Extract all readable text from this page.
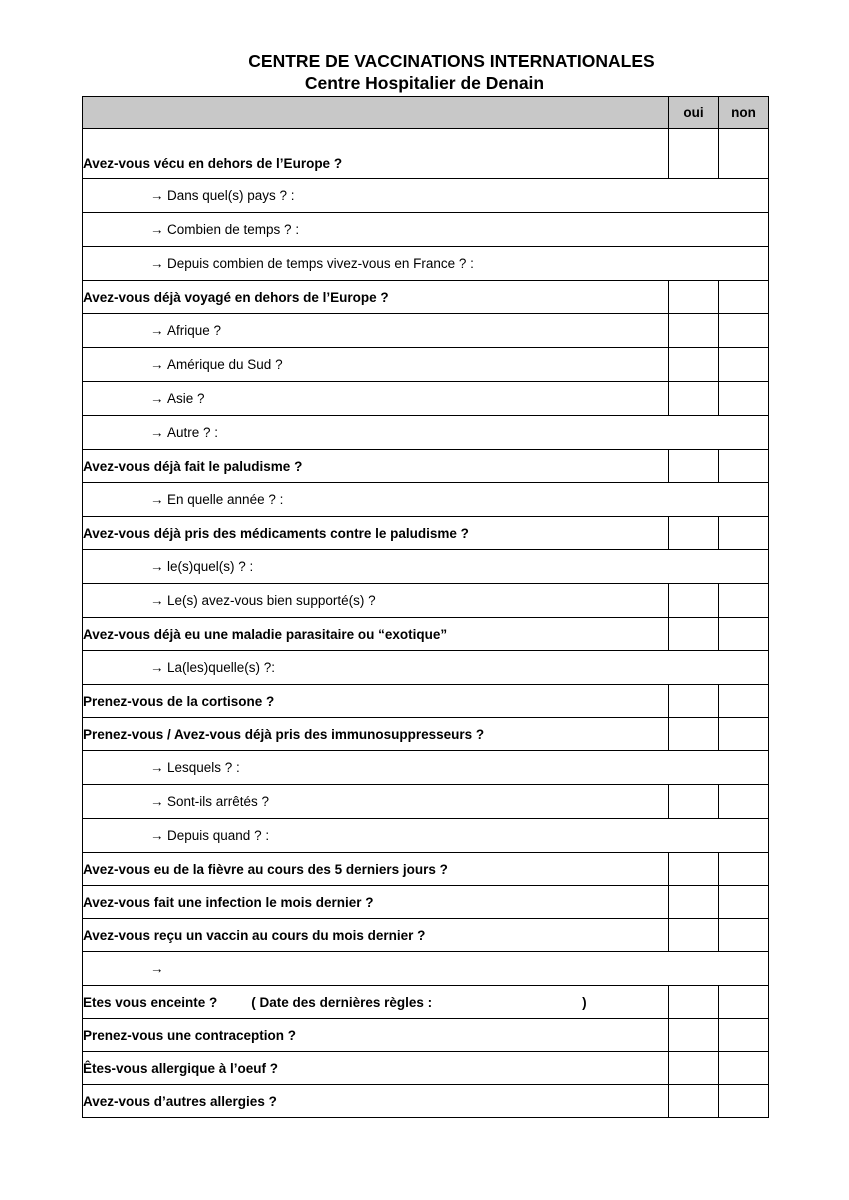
CENTRE DE VACCINATIONS INTERNATIONALES
Centre Hospitalier de Denain
	oui	non
Avez-vous vécu en dehors de l’Europe ?		
→ Dans quel(s) pays ? :		
→ Combien de temps ? :		
→ Depuis combien de temps vivez-vous en France ? :		
Avez-vous déjà voyagé en dehors de l’Europe ?		
→ Afrique ?		
→ Amérique du Sud ?		
→ Asie ?		
→ Autre ? :		
Avez-vous déjà fait le paludisme ?		
→ En quelle année ? :		
Avez-vous déjà pris des médicaments contre le paludisme ?		
→ le(s)quel(s) ? :		
→ Le(s) avez-vous bien supporté(s) ?		
Avez-vous déjà eu une maladie parasitaire ou “exotique”		
→ La(les)quelle(s) ?:		
Prenez-vous de la cortisone ?		
Prenez-vous / Avez-vous déjà pris des immunosuppresseurs ?		
→ Lesquels ? :		
→ Sont-ils arrêtés ?		
→ Depuis quand ? :		
Avez-vous eu de la fièvre au cours des 5 derniers jours ?		
Avez-vous fait une infection le mois dernier ?		
Avez-vous reçu un vaccin au cours du mois dernier ?		
→		
Etes vous enceinte ? ( Date des dernières règles : )		
Prenez-vous une contraception ?		
Êtes-vous allergique à l’oeuf ?		
Avez-vous d’autres allergies ?		
